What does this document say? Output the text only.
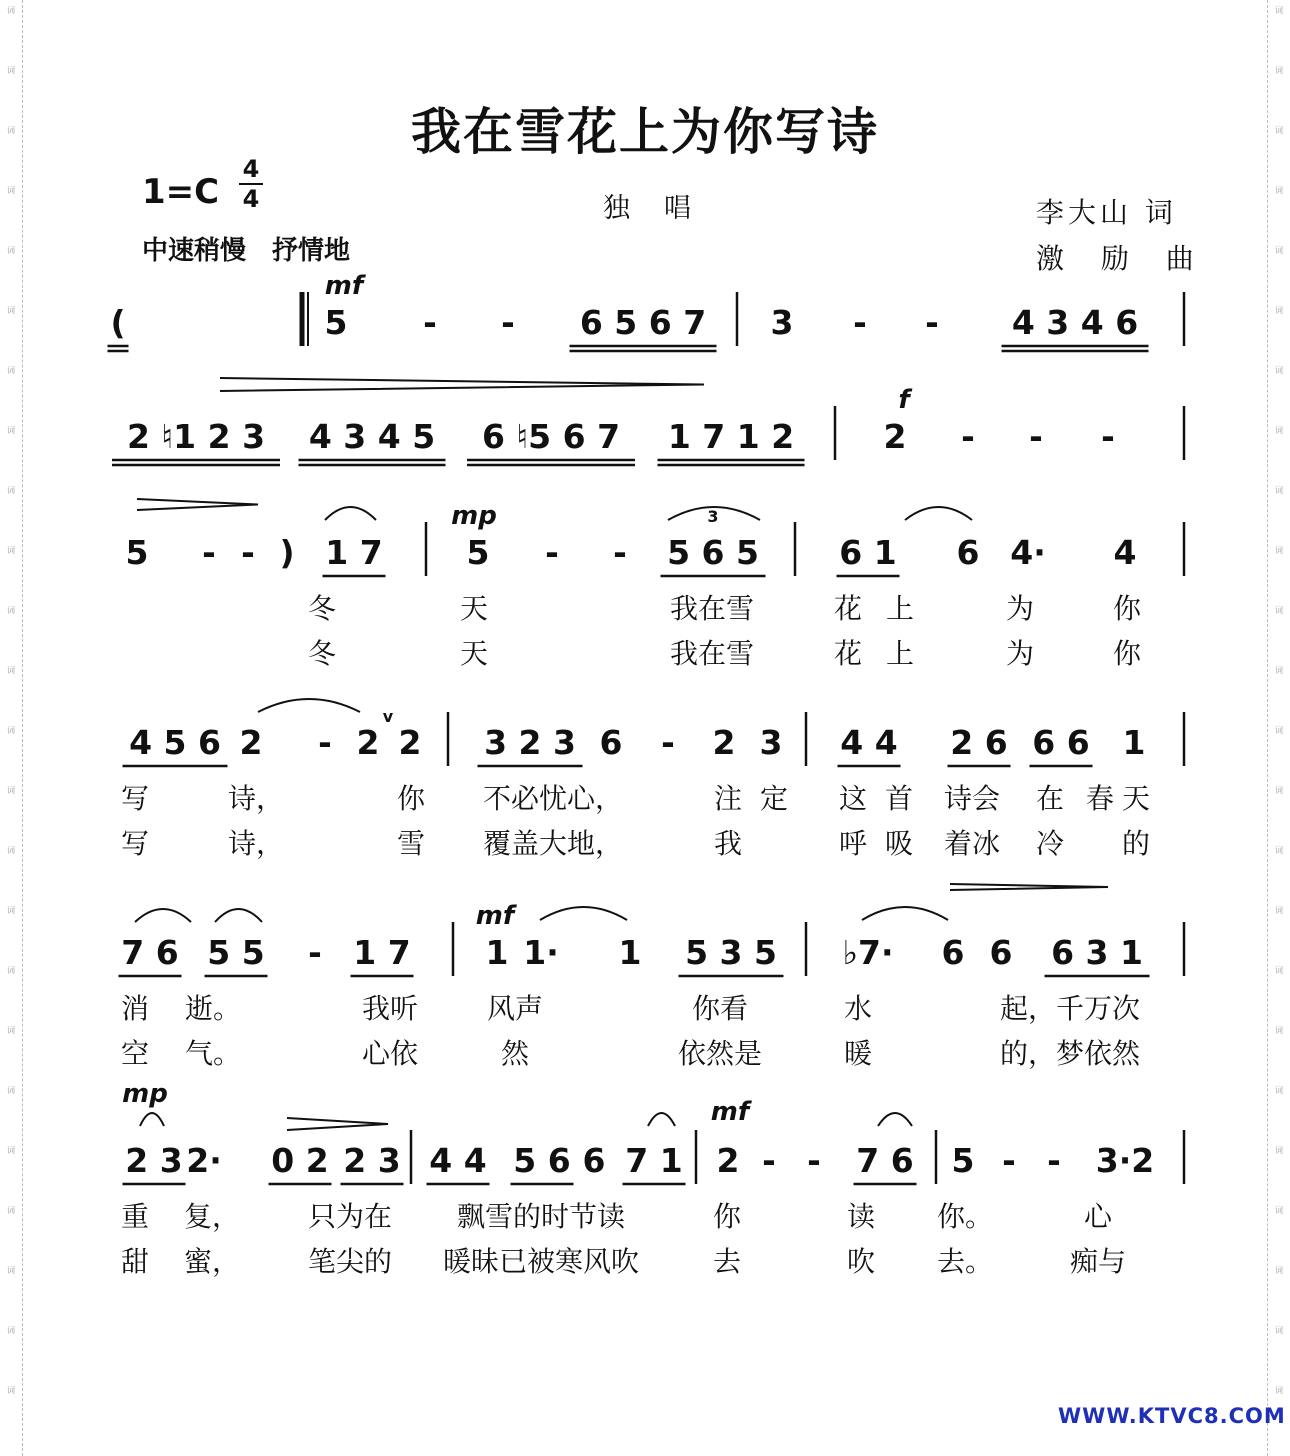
词
词
词
词
词
词
词
词
词
词
词
词
词
词
词
词
词
词
词
词
词
词
词
词
词
词
词
词
词
词
词
词
词
词
词
词
词
词
词
词
词
词
词
词
词
词
词
词
我在雪花上为你写诗
1=C
4
4
中速稍慢　抒情地
独唱	李大山 词
激 励 曲
(	5 - - 6 5 6 7 3 - - 4 3 4 6
mf
2 ♮1 2 3 4 3 4 5 6 ♮5 6 7 1 7 1 2	2 - - -
f
5 - - ) 1 7	5 - - 5 6 5 6 1 6 4· 4
mp	3
冬	天	我在雪	花 上	为	你
冬	天	我在雪	花 上	为	你
4 5 6 2 - 2 2 3 2 3 6 - 2 3 4 4 2 6 6 6 1
v
写	诗，	你 不必忧心，	注 定 这 首 诗会 在 春 天
写	诗，	雪 覆盖大地，	我	呼 吸 着冰 冷 的
7 6 5 5 - 1 7 1 1· 1 5 3 5 ♭7· 6 6 6 3 1
mf
消 逝。	我听 风声	你看	水	起，千万次
空 气。	心依	然	依然是	暖	的，梦依然
2 3 2· 0 2 2 3 4 4 5 6 6 7 1 2 - - 7 6 5 - - 3·2
mp
mf
重 复， 只为在 飘雪的时节读	你	读 你。	心
甜 蜜， 笔尖的 暖昧已被寒风吹	去	吹 去。	痴与
WWW.KTVC8.COM
